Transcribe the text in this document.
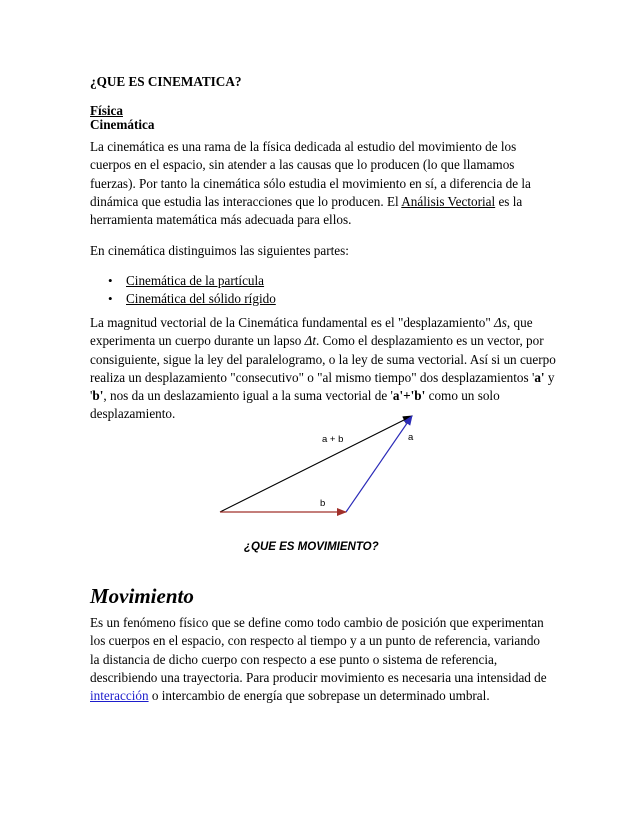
¿QUE ES CINEMATICA?
Física
Cinemática

La cinemática es una rama de la física dedicada al estudio del movimiento de los cuerpos en el espacio, sin atender a las causas que lo producen (lo que llamamos fuerzas). Por tanto la cinemática sólo estudia el movimiento en sí, a diferencia de la dinámica que estudia las interacciones que lo producen. El Análisis Vectorial es la herramienta matemática más adecuada para ellos.

En cinemática distinguimos las siguientes partes:
• Cinemática de la partícula
• Cinemática del sólido rígido

La magnitud vectorial de la Cinemática fundamental es el "desplazamiento" Δs, que experimenta un cuerpo durante un lapso Δt. Como el desplazamiento es un vector, por consiguiente, sigue la ley del paralelogramo, o la ley de suma vectorial. Así si un cuerpo realiza un desplazamiento "consecutivo" o "al mismo tiempo" dos desplazamientos 'a' y 'b', nos da un deslazamiento igual a la suma vectorial de 'a'+'b' como un solo desplazamiento.

a + b	a
b
¿QUE ES MOVIMIENTO?
Movimiento

Es un fenómeno físico que se define como todo cambio de posición que experimentan los cuerpos en el espacio, con respecto al tiempo y a un punto de referencia, variando la distancia de dicho cuerpo con respecto a ese punto o sistema de referencia, describiendo una trayectoria. Para producir movimiento es necesaria una intensidad de interacción o intercambio de energía que sobrepase un determinado umbral.
